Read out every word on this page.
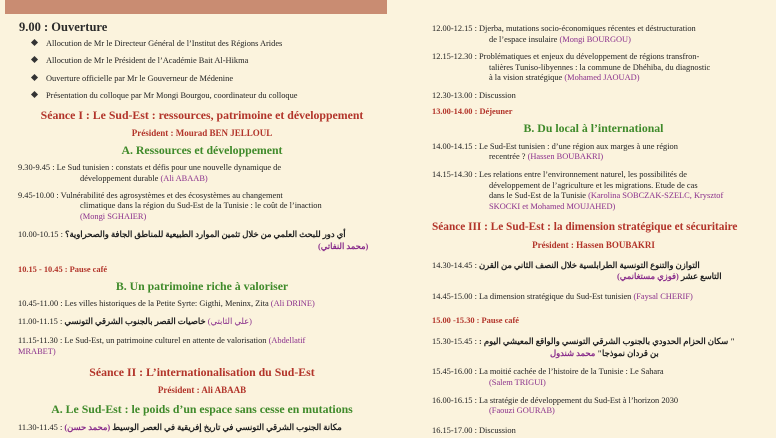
9.00 : Ouverture
Allocution de Mr le Directeur Général de l’Institut des Régions Arides
Allocution de Mr le Président de l’Académie Bait Al-Hikma
Ouverture officielle par Mr le Gouverneur de Médenine
Présentation du colloque par Mr Mongi Bourgou, coordinateur du colloque
Séance I : Le Sud-Est : ressources, patrimoine et développement
Président : Mourad BEN JELLOUL
A. Ressources et développement
9.30-9.45 : Le Sud tunisien : constats et défis pour une nouvelle dynamique de
développement durable (Ali ABAAB)
9.45-10.00 : Vulnérabilité des agrosystèmes et des écosystèmes au changement
climatique dans la région du Sud-Est de la Tunisie : le coût de l’inaction
(Mongi SGHAIER)
10.00-10.15 : أي دور للبحث العلمي من خلال تثمين الموارد الطبيعية للمناطق الجافة والصحراوية؟
(محمد النفاتي)
10.15 - 10.45 : Pause café
B. Un patrimoine riche à valoriser
10.45-11.00 : Les villes historiques de la Petite Syrte: Gigthi, Meninx, Zita (Ali DRINE)
11.00-11.15 : خاصيات القصر بالجنوب الشرقي التونسي (علي الثابتي)
11.15-11.30 : Le Sud-Est, un patrimoine culturel en attente de valorisation (Abdellatif
MRABET)
Séance II : L’internationalisation du Sud-Est
Président : Ali ABAAB
A. Le Sud-Est : le poids d’un espace sans cesse en mutations
11.30-11.45 : (محمد حسن) مكانة الجنوب الشرقي التونسي في تاريخ إفريقية في العصر الوسيط
12.00-12.15 : Djerba, mutations socio-économiques récentes et déstructuration
de l’espace insulaire (Mongi BOURGOU)
12.15-12.30 : Problématiques et enjeux du développement de régions transfron-
talières Tuniso-libyennes : la commune de Dhéhiba, du diagnostic
à la vision stratégique (Mohamed JAOUAD)
12.30-13.00 : Discussion
13.00-14.00 : Déjeuner
B. Du local à l’international
14.00-14.15 : Le Sud-Est tunisien : d’une région aux marges à une région
recentrée ? (Hassen BOUBAKRI)
14.15-14.30 : Les relations entre l’environnement naturel, les possibilités de
développement de l’agriculture et les migrations. Etude de cas
dans le Sud-Est de la Tunisie (Karolina SOBCZAK-SZELC, Krysztof
SKOCKI et Mohamed MOUJAHED)
Séance III : Le Sud-Est : la dimension stratégique et sécuritaire
Président : Hassen BOUBAKRI
14.30-14.45 : التوازن والتنوع التونسية الطرابلسية خلال النصف الثاني من القرن
(فوزي مستغانمي) التاسع عشر
14.45-15.00 : La dimension stratégique du Sud-Est tunisien (Faysal CHERIF)
15.00 -15.30 : Pause café
15.30-15.45 : " سكان الحزام الحدودي بالجنوب الشرقي التونسي والواقع المعيشي اليوم :
محمد شندول بن قردان نموذجا"
15.45-16.00 : La moitié cachée de l’histoire de la Tunisie : Le Sahara
(Salem TRIGUI)
16.00-16.15 : La stratégie de développement du Sud-Est à l’horizon 2030
(Faouzi GOURAB)
16.15-17.00 : Discussion
